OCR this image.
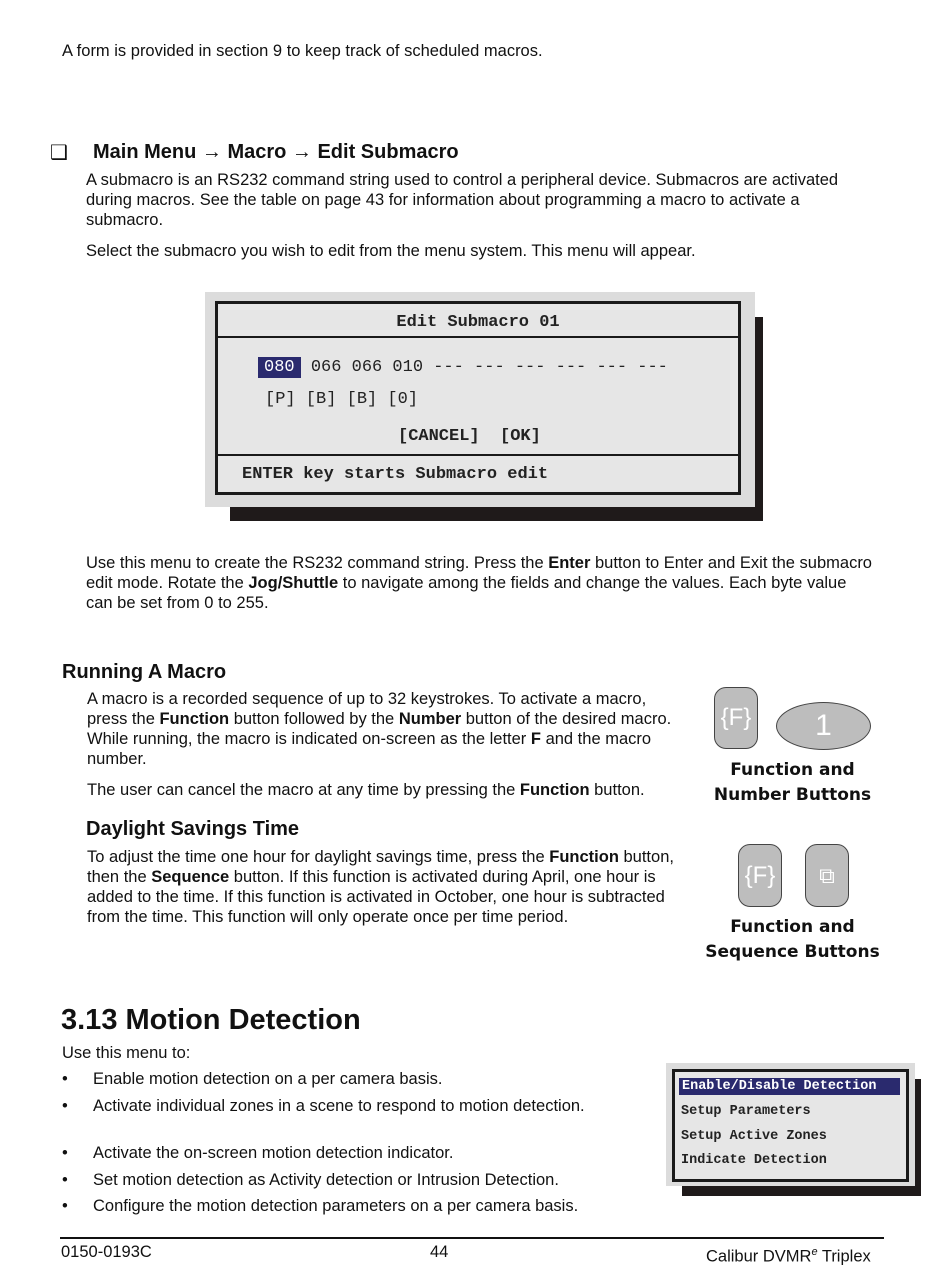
A form is provided in section 9 to keep track of scheduled macros.

❑ Main Menu → Macro → Edit Submacro

A submacro is an RS232 command string used to control a peripheral device. Submacros are activated during macros. See the table on page 43 for information about programming a macro to activate a submacro.

Select the submacro you wish to edit from the menu system. This menu will appear.

Edit Submacro 01
080 066 066 010 --- --- --- --- --- ---
[P] [B] [B] [0]
[CANCEL]  [OK]
ENTER key starts Submacro edit

Use this menu to create the RS232 command string. Press the Enter button to Enter and Exit the submacro edit mode. Rotate the Jog/Shuttle to navigate among the fields and change the values. Each byte value can be set from 0 to 255.

Running A Macro

A macro is a recorded sequence of up to 32 keystrokes. To activate a macro, press the Function button followed by the Number button of the desired macro. While running, the macro is indicated on-screen as the letter F and the macro number.

The user can cancel the macro at any time by pressing the Function button.

{F}	1
Function and
Number Buttons
Daylight Savings Time

To adjust the time one hour for daylight savings time, press the Function button, then the Sequence button. If this function is activated during April, one hour is added to the time. If this function is activated in October, one hour is subtracted from the time. This function will only operate once per time period.

{F}	⧉
Function and
Sequence Buttons
3.13 Motion Detection

Use this menu to:

• Enable motion detection on a per camera basis.
• Activate individual zones in a scene to respond to motion detection.
• Activate the on-screen motion detection indicator.
• Set motion detection as Activity detection or Intrusion Detection.
• Configure the motion detection parameters on a per camera basis.
Enable/Disable Detection
Setup Parameters
Setup Active Zones
Indicate Detection
0150-0193C	44	Calibur DVMR$^e$ Triplex
